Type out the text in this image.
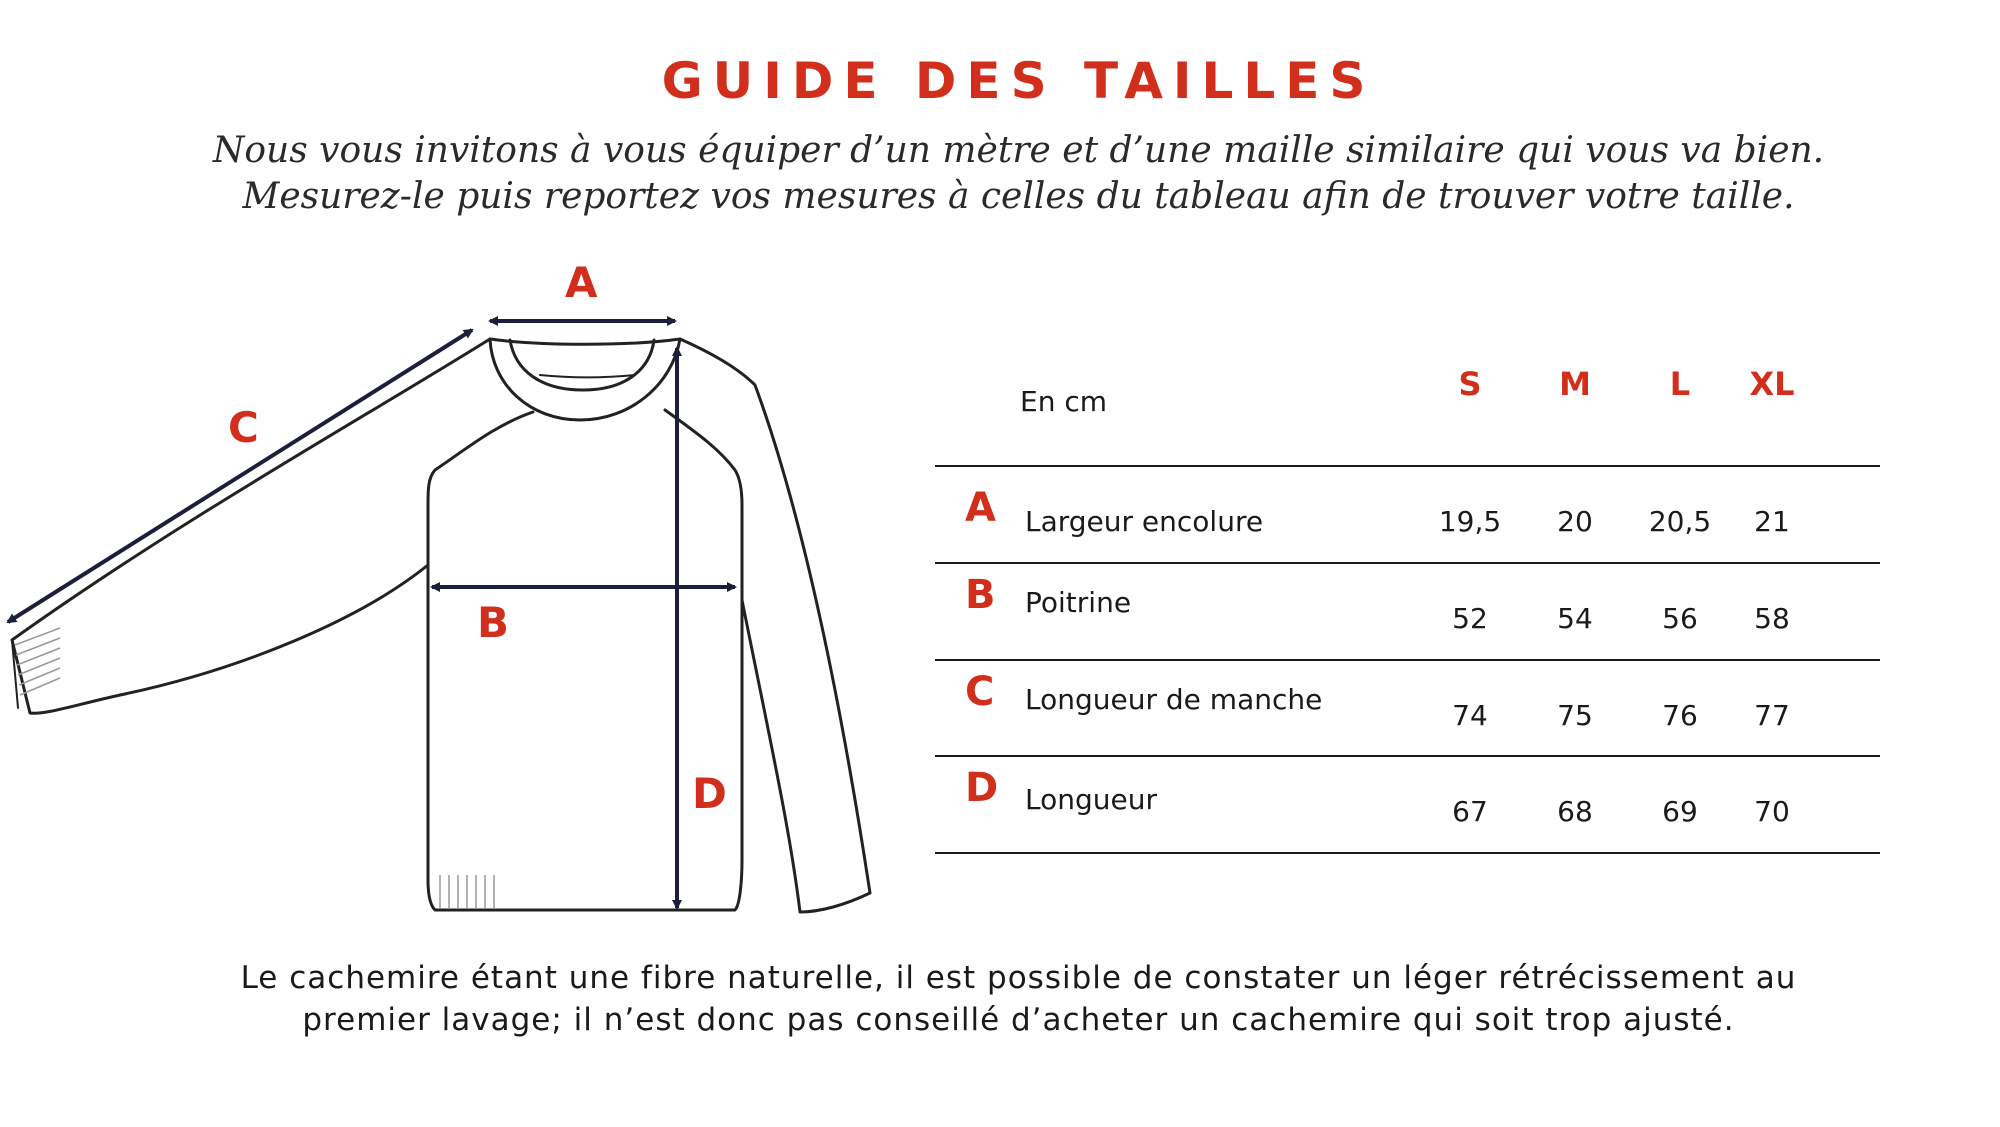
GUIDE DES TAILLES
Nous vous invitons à vous équiper d’un mètre et d’une maille similaire qui vous va bien.
Mesurez-le puis reportez vos mesures à celles du tableau afin de trouver votre taille.
A
B
C
D
En cm	S	M	L	XL
A Largeur encolure	19,5	20	20,5	21
B Poitrine	52	54	56	58
C Longueur de manche	74	75	76	77
D Longueur	67	68	69	70
Le cachemire étant une fibre naturelle, il est possible de constater un léger rétrécissement au
premier lavage; il n’est donc pas conseillé d’acheter un cachemire qui soit trop ajusté.
